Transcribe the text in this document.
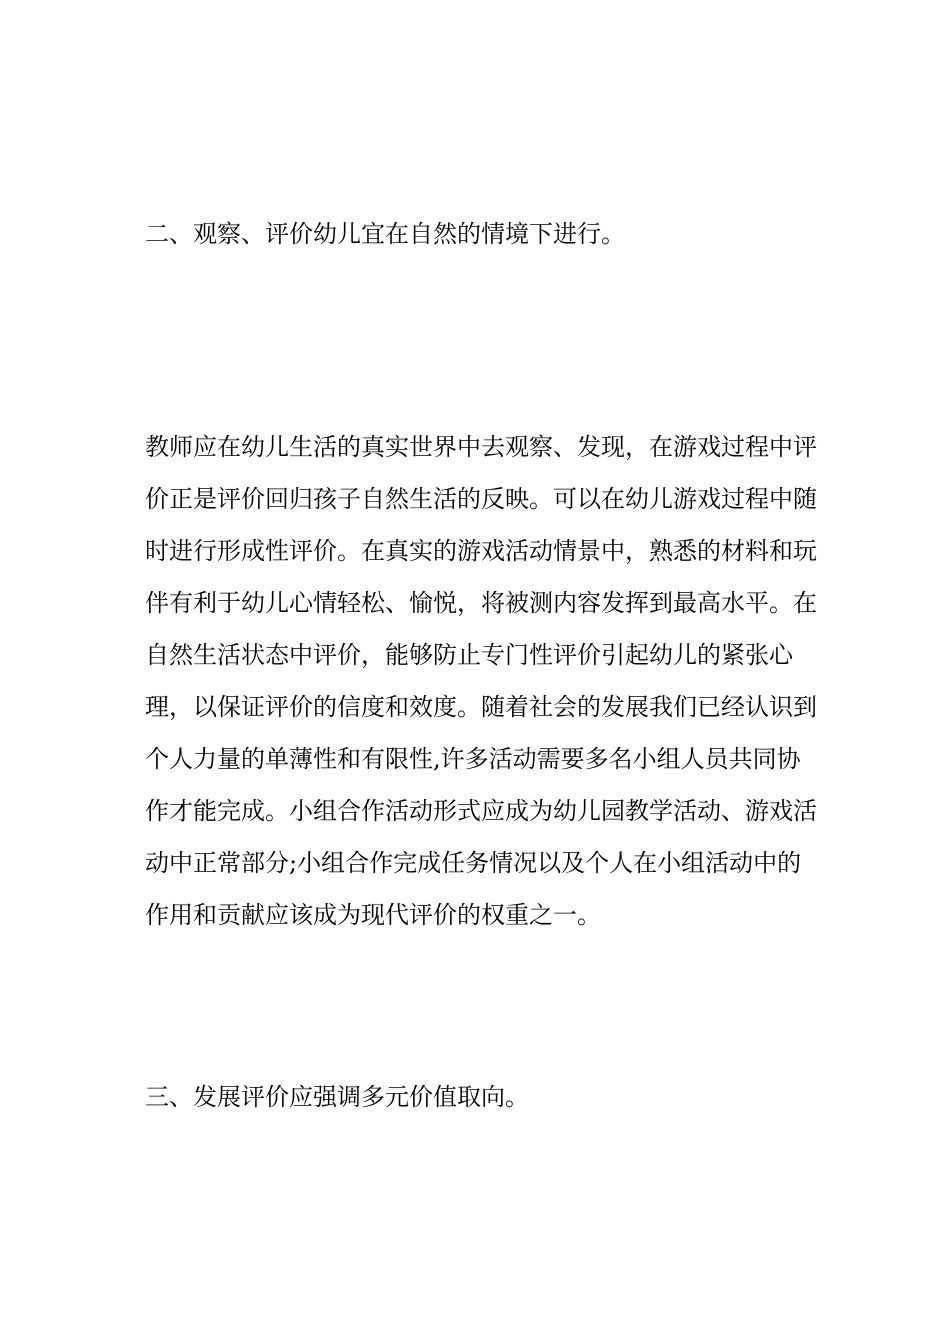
二、观察、评价幼儿宜在自然的情境下进行。

教师应在幼儿生活的真实世界中去观察、发现，在游戏过程中评

价正是评价回归孩子自然生活的反映。可以在幼儿游戏过程中随

时进行形成性评价。在真实的游戏活动情景中，熟悉的材料和玩

伴有利于幼儿心情轻松、愉悦，将被测内容发挥到最高水平。在

自然生活状态中评价，能够防止专门性评价引起幼儿的紧张心

理，以保证评价的信度和效度。随着社会的发展我们已经认识到

个人力量的单薄性和有限性,许多活动需要多名小组人员共同协

作才能完成。小组合作活动形式应成为幼儿园教学活动、游戏活

动中正常部分;小组合作完成任务情况以及个人在小组活动中的

作用和贡献应该成为现代评价的权重之一。

三、发展评价应强调多元价值取向。
